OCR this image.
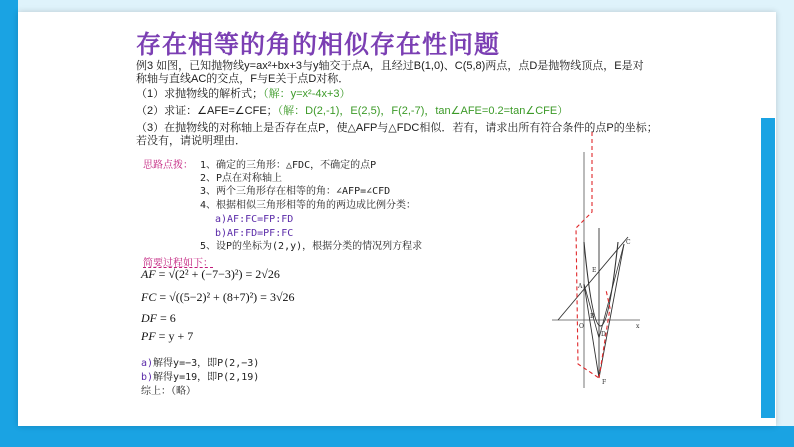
存在相等的角的相似存在性问题
例3 如图，已知抛物线y=ax²+bx+3与y轴交于点A，且经过B(1,0)、C(5,8)两点，点D是抛物线顶点，E是对
称轴与直线AC的交点，F与E关于点D对称．
（1）求抛物线的解析式；（解：y=x²-4x+3）
（2）求证：∠AFE=∠CFE；（解：D(2,-1)，E(2,5)，F(2,-7)，tan∠AFE=0.2=tan∠CFE）
（3）在抛物线的对称轴上是否存在点P，使△AFP与△FDC相似．若有，请求出所有符合条件的点P的坐标；
若没有，请说明理由．
思路点拨： 1、确定的三角形：△FDC，不确定的点P
2、P点在对称轴上
3、两个三角形存在相等的角：∠AFP=∠CFD
4、根据相似三角形相等的角的两边成比例分类：
a)AF:FC=FP:FD
b)AF:FD=PF:FC
5、设P的坐标为(2,y)，根据分类的情况列方程求
简要过程如下：
AF = √(2² + (−7−3)²) = 2√26
FC = √((5−2)² + (8+7)²) = 3√26
DF = 6
PF = y + 7
a)解得y=−3，即P(2,−3)
b)解得y=19，即P(2,19)
综上：（略）
C
E
A
B
O
D
F
x
